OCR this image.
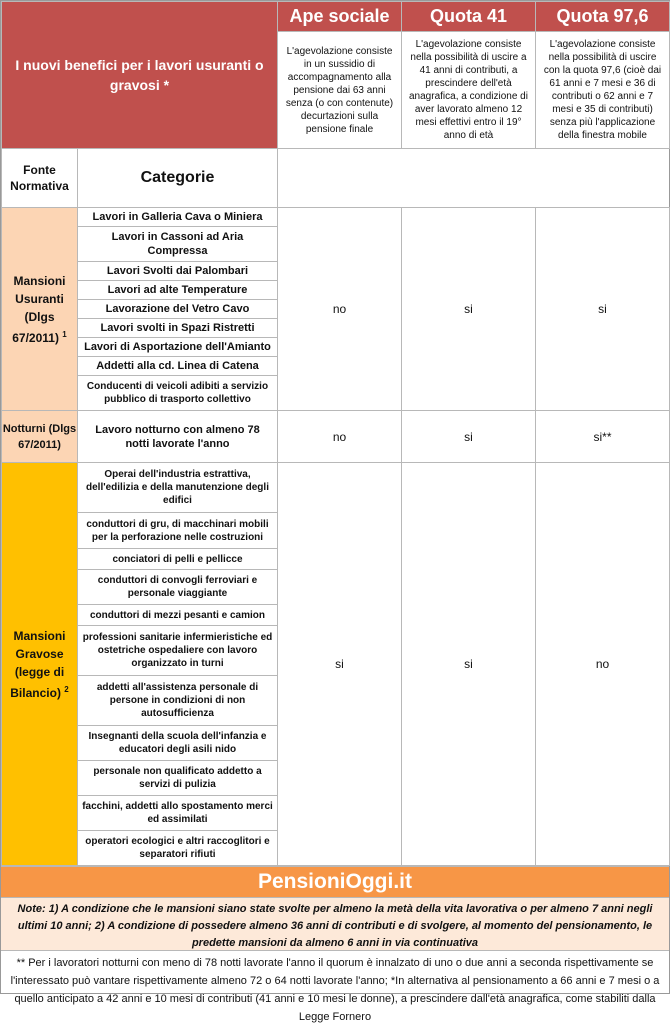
I nuovi benefici per i lavori usuranti o gravosi *		Ape sociale	Quota 41	Quota 97,6
		L'agevolazione consiste in un sussidio di accompagnamento alla pensione dai 63 anni senza (o con contenute) decurtazioni sulla pensione finale	L'agevolazione consiste nella possibilità di uscire a 41 anni di contributi, a prescindere dell'età anagrafica, a condizione di aver lavorato almeno 12 mesi effettivi entro il 19° anno di età	L'agevolazione consiste nella possibilità di uscire con la quota 97,6 (cioè dai 61 anni e 7 mesi e 36 di contributi o 62 anni e 7 mesi e 35 di contributi) senza più l'applicazione della finestra mobile
Fonte Normativa	Categorie			
Mansioni Usuranti (Dlgs 67/2011) $^1$	Lavori in Galleria Cava o Miniera	no	si	si
	Lavori in Cassoni ad Aria Compressa			
	Lavori Svolti dai Palombari			
	Lavori ad alte Temperature			
	Lavorazione del Vetro Cavo			
	Lavori svolti in Spazi Ristretti			
	Lavori di Asportazione dell'Amianto			
	Addetti alla cd. Linea di Catena			
	Conducenti di veicoli adibiti a servizio pubblico di trasporto collettivo			
Notturni (Dlgs 67/2011)	Lavoro notturno con almeno 78 notti lavorate l'anno	no	si	si**
Mansioni Gravose (legge di Bilancio) $^2$	Operai dell'industria estrattiva, dell'edilizia e della manutenzione degli edifici	si	si	no
	conduttori di gru, di macchinari mobili per la perforazione nelle costruzioni			
	conciatori di pelli e pellicce			
	conduttori di convogli ferroviari e personale viaggiante			
	conduttori di mezzi pesanti e camion			
	professioni sanitarie infermieristiche ed ostetriche ospedaliere con lavoro organizzato in turni			
	addetti all'assistenza personale di persone in condizioni di non autosufficienza			
	Insegnanti della scuola dell'infanzia e educatori degli asili nido			
	personale non qualificato addetto a servizi di pulizia			
	facchini, addetti allo spostamento merci ed assimilati			
	operatori ecologici e altri raccoglitori e separatori rifiuti			
PensioniOggi.it
Note: 1) A condizione che le mansioni siano state svolte per almeno la metà della vita lavorativa o per almeno 7 anni negli ultimi 10 anni; 2) A condizione di possedere almeno 36 anni di contributi e di svolgere, al momento del pensionamento, le predette mansioni da almeno 6 anni in via continuativa
** Per i lavoratori notturni con meno di 78 notti lavorate l'anno il quorum è innalzato di uno o due anni a seconda rispettivamente se l'interessato può vantare rispettivamente almeno 72 o 64 notti lavorate l'anno; *In alternativa al pensionamento a 66 anni e 7 mesi o a quello anticipato a 42 anni e 10 mesi di contributi (41 anni e 10 mesi le donne), a prescindere dall'età anagrafica, come stabiliti dalla Legge Fornero
